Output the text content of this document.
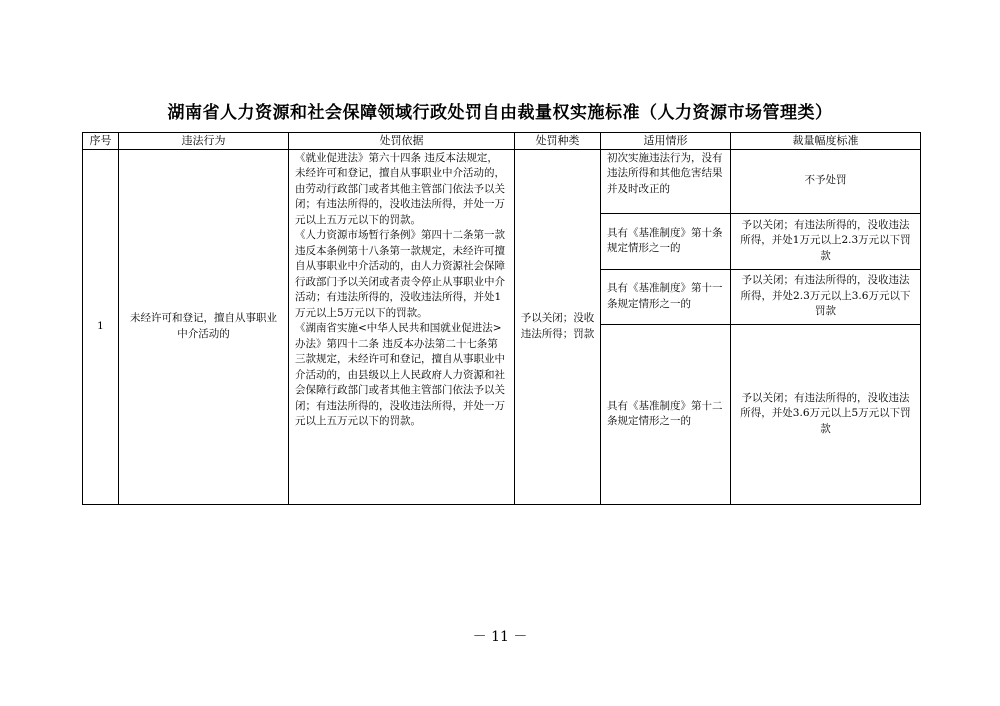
湖南省人力资源和社会保障领域行政处罚自由裁量权实施标准（人力资源市场管理类）
序号	违法行为	处罚依据	处罚种类	适用情形	裁量幅度标准
1	未经许可和登记，擅自从事职业中介活动的	《就业促进法》第六十四条 违反本法规定，未经许可和登记，擅自从事职业中介活动的，由劳动行政部门或者其他主管部门依法予以关闭；有违法所得的，没收违法所得，并处一万元以上五万元以下的罚款。
《人力资源市场暂行条例》第四十二条第一款违反本条例第十八条第一款规定，未经许可擅自从事职业中介活动的，由人力资源社会保障行政部门予以关闭或者责令停止从事职业中介活动；有违法所得的，没收违法所得，并处1万元以上5万元以下的罚款。
《湖南省实施<中华人民共和国就业促进法>办法》第四十二条 违反本办法第二十七条第三款规定，未经许可和登记，擅自从事职业中介活动的，由县级以上人民政府人力资源和社会保障行政部门或者其他主管部门依法予以关闭；有违法所得的，没收违法所得，并处一万元以上五万元以下的罚款。	予以关闭；没收违法所得；罚款	初次实施违法行为，没有违法所得和其他危害结果并及时改正的	不予处罚
				具有《基准制度》第十条规定情形之一的	予以关闭；有违法所得的，没收违法所得，并处1万元以上2.3万元以下罚款
				具有《基准制度》第十一条规定情形之一的	予以关闭；有违法所得的，没收违法所得，并处2.3万元以上3.6万元以下罚款
				具有《基准制度》第十二条规定情形之一的	予以关闭；有违法所得的，没收违法所得，并处3.6万元以上5万元以下罚款
－ 11 －
